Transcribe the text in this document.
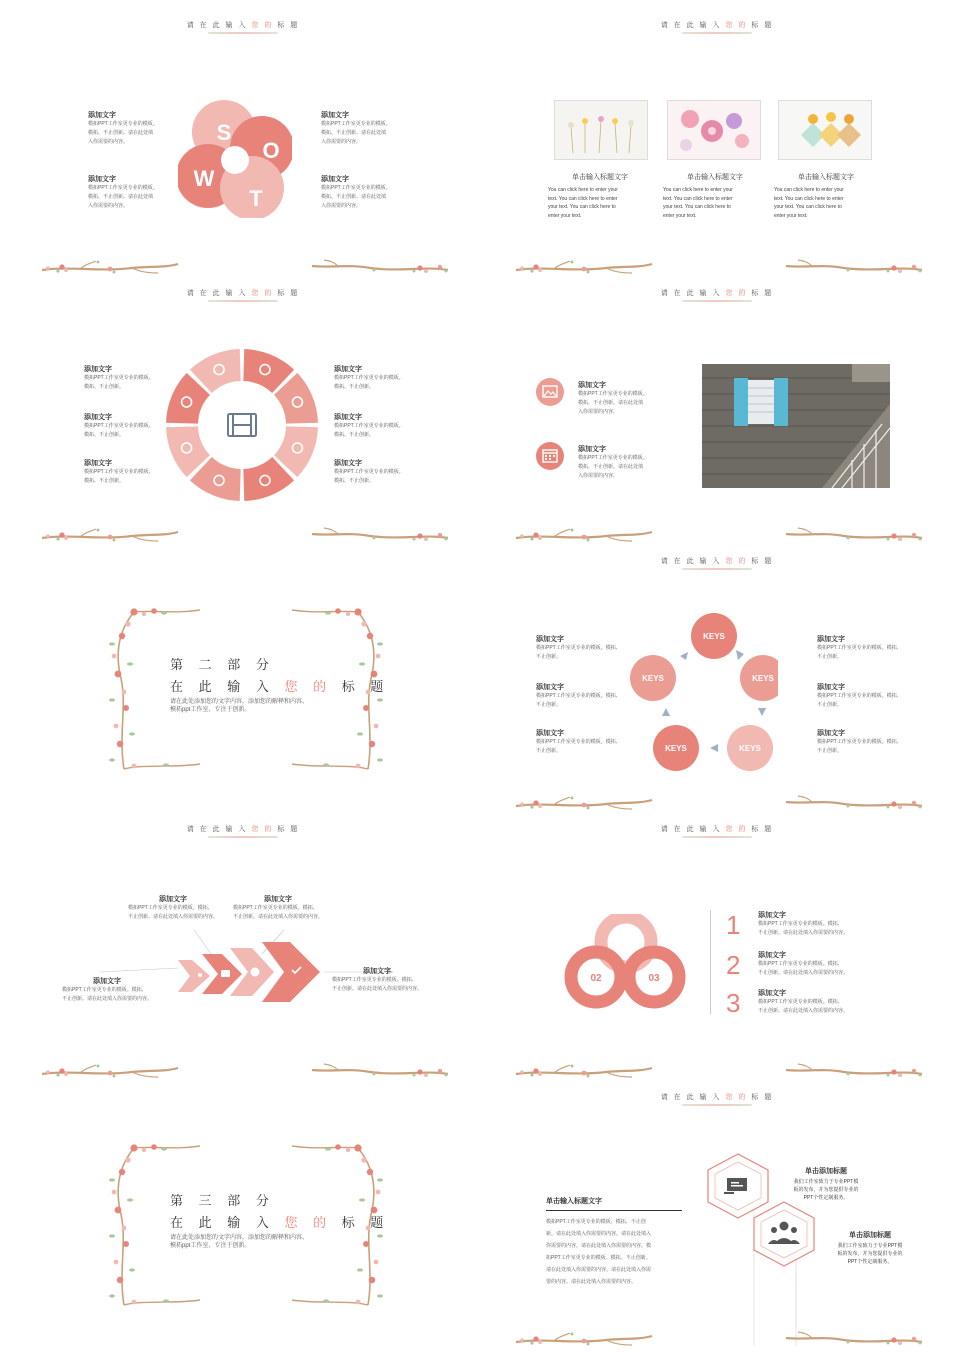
请 在 此 输 入 您 的 标 题
S
O
W
T
添加文字
模拓PPT工作室更专业的模板。
模拓、不止创新。请在此处填
入你需要的内容。
添加文字
模拓PPT工作室更专业的模板。
模拓、不止创新。请在此处填
入你需要的内容。
添加文字
模拓PPT工作室更专业的模板。
模拓、不止创新。请在此处填
入你需要的内容。
添加文字
模拓PPT工作室更专业的模板。
模拓、不止创新。请在此处填
入你需要的内容。
请 在 此 输 入 您 的 标 题
单击输入标题文字
You can click here to enter your
text. You can click here to enter
your text. You can click here to
enter your text.
单击输入标题文字
You can click here to enter your
text. You can click here to enter
your text. You can click here to
enter your text.
单击输入标题文字
You can click here to enter your
text. You can click here to enter
your text. You can click here to
enter your text.
请 在 此 输 入 您 的 标 题
添加文字
模拓PPT工作室更专业的模板。
模拓、不止创新。
添加文字
模拓PPT工作室更专业的模板。
模拓、不止创新。
添加文字
模拓PPT工作室更专业的模板。
模拓、不止创新。
添加文字
模拓PPT工作室更专业的模板。
模拓、不止创新。
添加文字
模拓PPT工作室更专业的模板。
模拓、不止创新。
添加文字
模拓PPT工作室更专业的模板。
模拓、不止创新。
请 在 此 输 入 您 的 标 题
添加文字
模拓PPT工作室更专业的模板。
模拓、不止创新。请在此处填
入你需要的内容。
添加文字
模拓PPT工作室更专业的模板。
模拓、不止创新。请在此处填
入你需要的内容。
第 二 部 分
在 此 输 入 您 的 标 题
请在此处添加您的文字内容，添加您的解释和内容。
模拓ppt工作室、专注于创新。
请 在 此 输 入 您 的 标 题
KEYS
KEYS
KEYS
KEYS
KEYS
添加文字
模拓PPT工作室更专业的模板。模拓、
不止创新。
添加文字
模拓PPT工作室更专业的模板。模拓、
不止创新。
添加文字
模拓PPT工作室更专业的模板。模拓、
不止创新。
添加文字
模拓PPT工作室更专业的模板。模拓、
不止创新。
添加文字
模拓PPT工作室更专业的模板。模拓、
不止创新。
添加文字
模拓PPT工作室更专业的模板。模拓、
不止创新。
请 在 此 输 入 您 的 标 题
添加文字
模拓PPT工作室更专业的模板。模拓、
不止创新。请在此处填入你需要的内容。
添加文字
模拓PPT工作室更专业的模板。模拓、
不止创新。请在此处填入你需要的内容。
添加文字
模拓PPT工作室更专业的模板。模拓、
不止创新。请在此处填入你需要的内容。
添加文字
模拓PPT工作室更专业的模板。模拓、
不止创新。请在此处填入你需要的内容。
请 在 此 输 入 您 的 标 题
01
02	03
1	添加文字
模拓PPT工作室更专业的模板。模拓、
不止创新。请在此处填入你需要的内容。
2	添加文字
模拓PPT工作室更专业的模板。模拓、
不止创新。请在此处填入你需要的内容。
3	添加文字
模拓PPT工作室更专业的模板。模拓、
不止创新。请在此处填入你需要的内容。
第 三 部 分
在 此 输 入 您 的 标 题
请在此处添加您的文字内容，添加您的解释和内容。
模拓ppt工作室、专注于创新。
请 在 此 输 入 您 的 标 题
单击输入标题文字
模拓PPT工作室更专业的模板、模拓、不止创
新。请在此处填入你需要的内容。请在此处填入
你需要的内容。请在此处填入你需要的内容。模
拓PPT工作室更专业的模板、模拓、不止创新。
请在此处填入你需要的内容。请在此处填入你需
要的内容。请在此处填入你需要的内容。
单击添加标题
我们工作室致力于专业PPT模
板的发布，并为您提供专业的
PPT个性定制服务。
单击添加标题
我们工作室致力于专业PPT模
板的发布，并为您提供专业的
PPT个性定制服务。
